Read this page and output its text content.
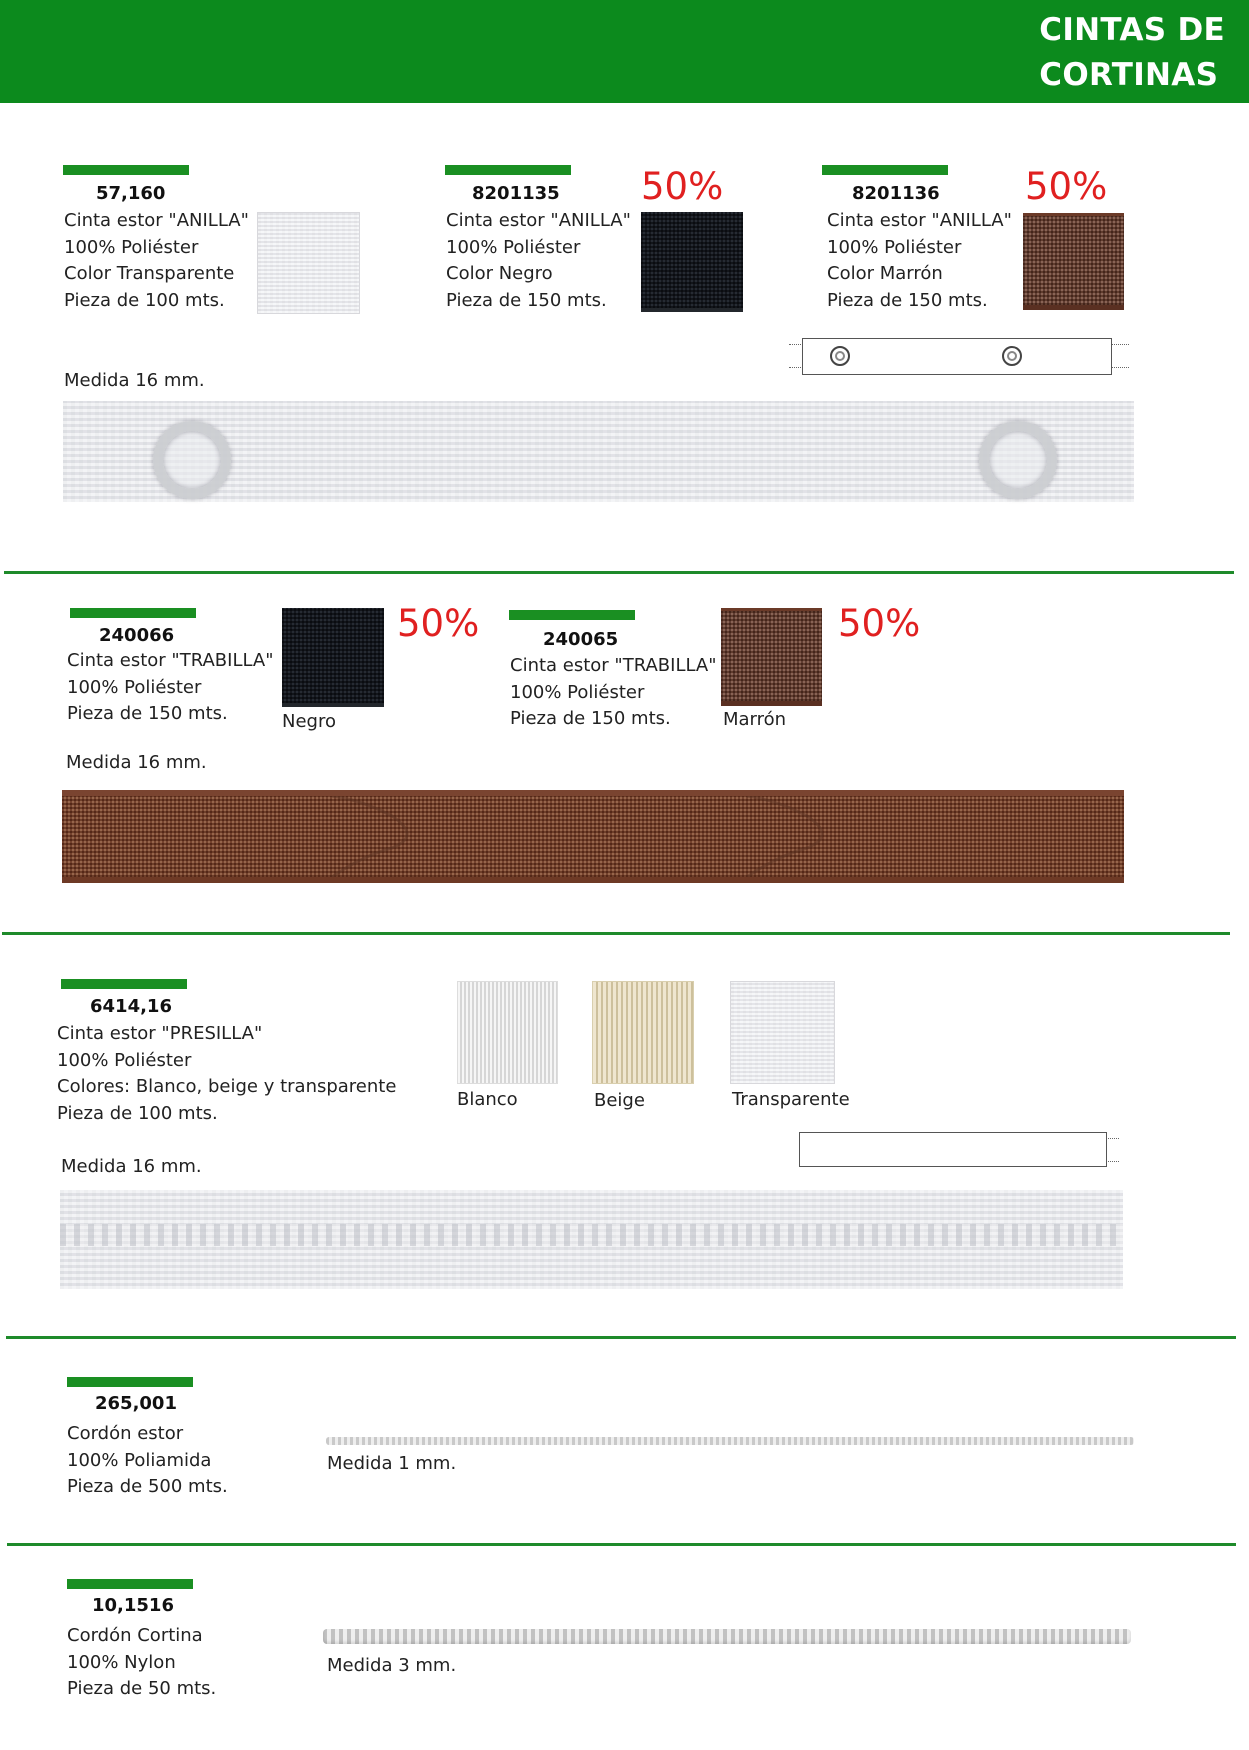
CINTAS DE
CORTINAS
57,160
Cinta estor "ANILLA"
100% Poliéster
Color Transparente
Pieza de 100 mts.
8201135
Cinta estor "ANILLA"
100% Poliéster
Color Negro
Pieza de 150 mts.
50%	8201136
Cinta estor "ANILLA"
100% Poliéster
Color Marrón
Pieza de 150 mts.
50%
Medida 16 mm.
240066
Cinta estor "TRABILLA"
100% Poliéster
Pieza de 150 mts.	Negro
50%	240065
Cinta estor "TRABILLA"
100% Poliéster
Pieza de 150 mts.	Marrón
50%
Medida 16 mm.
6414,16
Cinta estor "PRESILLA"
100% Poliéster
Colores: Blanco, beige y transparente
Pieza de 100 mts.
Blanco	Beige	Transparente
Medida 16 mm.
265,001
Cordón estor
100% Poliamida
Pieza de 500 mts.
Medida 1 mm.
10,1516
Cordón Cortina
100% Nylon
Pieza de 50 mts.
Medida 3 mm.
